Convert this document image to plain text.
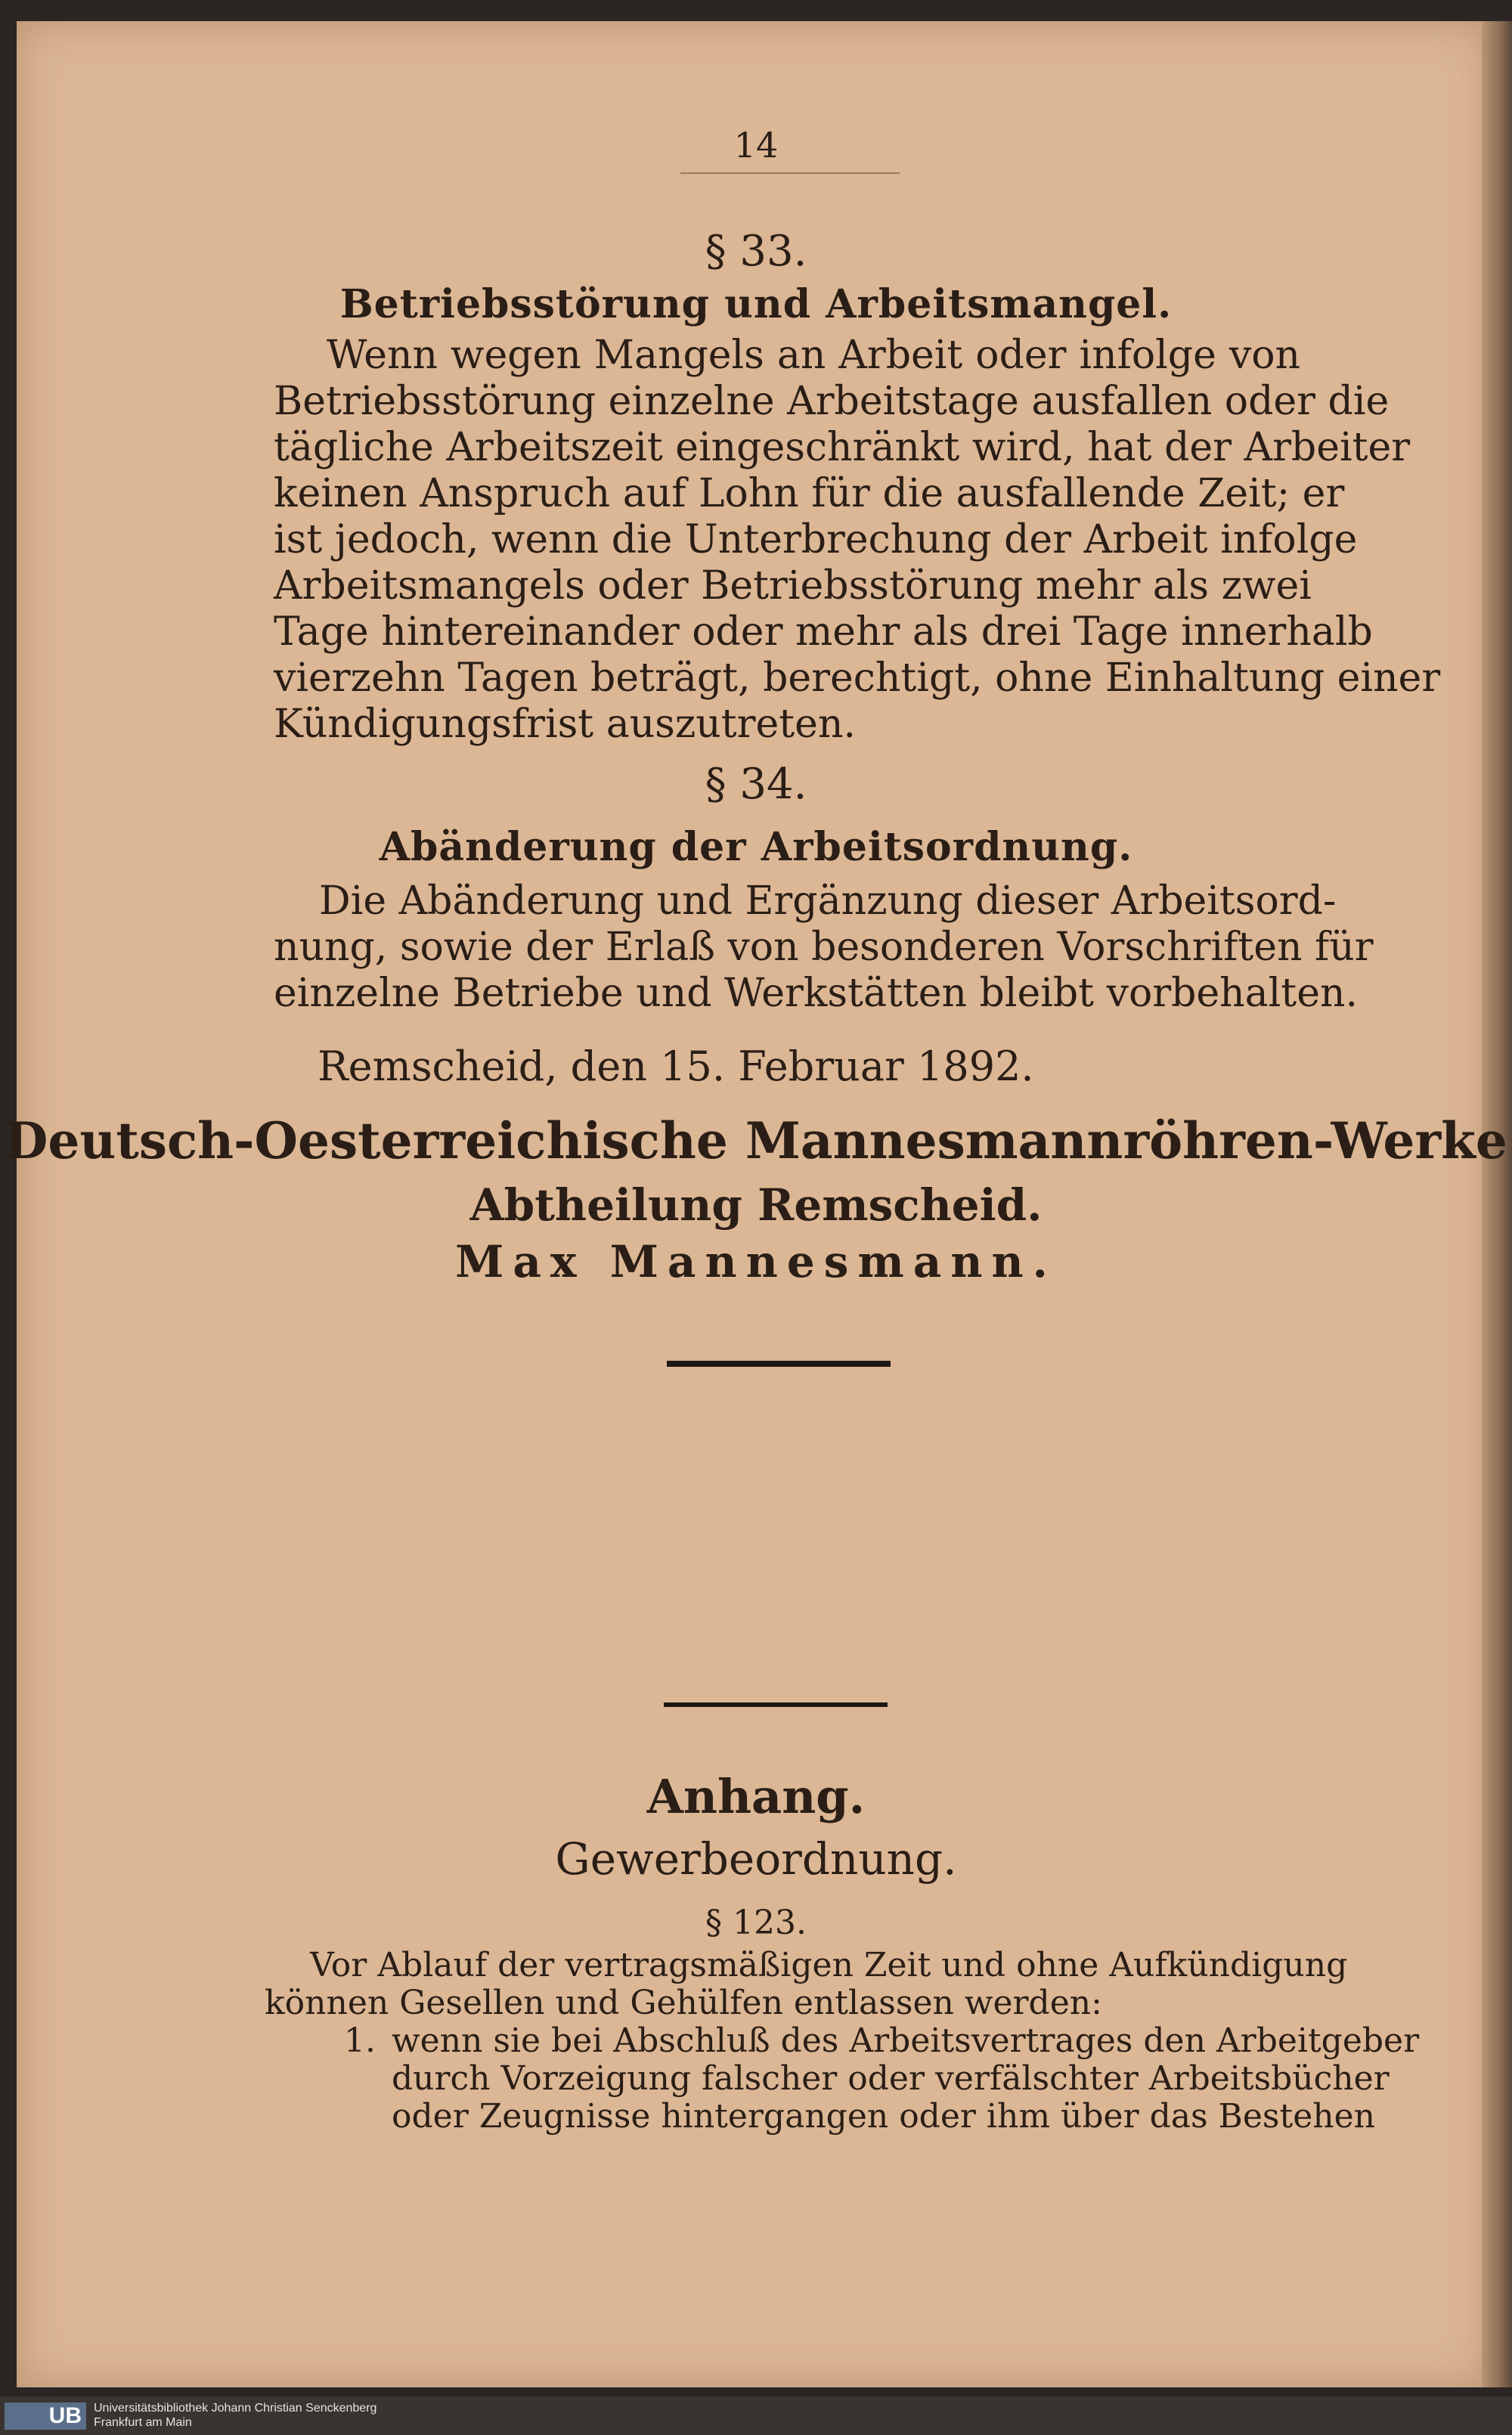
14
§ 33.
Betriebsstörung und Arbeitsmangel.
Wenn wegen Mangels an Arbeit oder infolge von
Betriebsstörung einzelne Arbeitstage ausfallen oder die
tägliche Arbeitszeit eingeschränkt wird, hat der Arbeiter
keinen Anspruch auf Lohn für die ausfallende Zeit; er
ist jedoch, wenn die Unterbrechung der Arbeit infolge
Arbeitsmangels oder Betriebsstörung mehr als zwei
Tage hintereinander oder mehr als drei Tage innerhalb
vierzehn Tagen beträgt, berechtigt, ohne Einhaltung einer
Kündigungsfrist auszutreten.
§ 34.
Abänderung der Arbeitsordnung.
Die Abänderung und Ergänzung dieser Arbeitsord-
nung, sowie der Erlaß von besonderen Vorschriften für
einzelne Betriebe und Werkstätten bleibt vorbehalten.
Remscheid, den 15. Februar 1892.
Deutsch-Oesterreichische Mannesmannröhren-Werke
Abtheilung Remscheid.
Max Mannesmann.
Anhang.
Gewerbeordnung.
§ 123.
Vor Ablauf der vertragsmäßigen Zeit und ohne Aufkündigung
können Gesellen und Gehülfen entlassen werden:
1. wenn sie bei Abschluß des Arbeitsvertrages den Arbeitgeber
durch Vorzeigung falscher oder verfälschter Arbeitsbücher
oder Zeugnisse hintergangen oder ihm über das Bestehen
UB	Universitätsbibliothek Johann Christian Senckenberg
Frankfurt am Main
